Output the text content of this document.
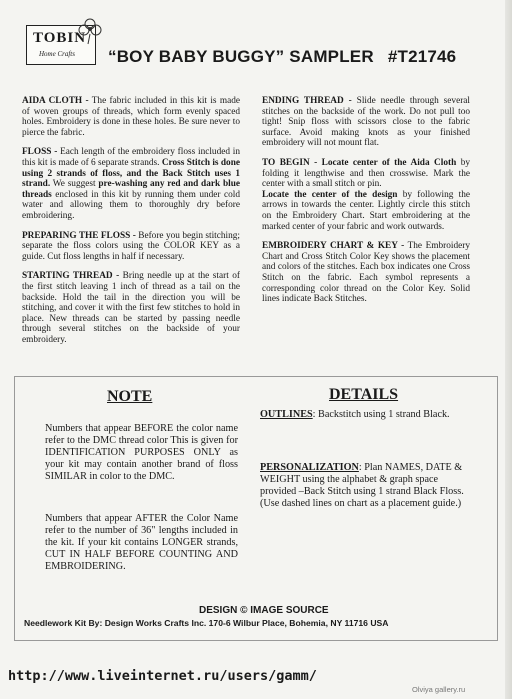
TOBIN
Home Crafts “BOY BABY BUGGY” SAMPLER #T21746

AIDA CLOTH - The fabric included in this kit is made of woven groups of threads, which form evenly spaced holes. Embroidery is done in these holes. Be sure never to pierce the fabric.

FLOSS - Each length of the embroidery floss included in this kit is made of 6 separate strands. Cross Stitch is done using 2 strands of floss, and the Back Stitch uses 1 strand. We suggest pre-washing any red and dark blue threads enclosed in this kit by running them under cold water and allowing them to thoroughly dry before embroidering.

PREPARING THE FLOSS - Before you begin stitching; separate the floss colors using the COLOR KEY as a guide. Cut floss lengths in half if necessary.

STARTING THREAD - Bring needle up at the start of the first stitch leaving 1 inch of thread as a tail on the backside. Hold the tail in the direction you will be stitching, and cover it with the first few stitches to hold in place. New threads can be started by passing needle through several stitches on the backside of your embroidery.

ENDING THREAD - Slide needle through several stitches on the backside of the work. Do not pull too tight! Snip floss with scissors close to the fabric surface. Avoid making knots as your finished embroidery will not mount flat.

TO BEGIN - Locate center of the Aida Cloth by folding it lengthwise and then crosswise. Mark the center with a small stitch or pin.

Locate the center of the design by following the arrows in towards the center. Lightly circle this stitch on the Embroidery Chart. Start embroidering at the marked center of your fabric and work outwards.

EMBROIDERY CHART & KEY - The Embroidery Chart and Cross Stitch Color Key shows the placement and colors of the stitches. Each box indicates one Cross Stitch on the fabric. Each symbol represents a corresponding color thread on the Color Key. Solid lines indicate Back Stitches.

NOTE	DETAILS

Numbers that appear BEFORE the color name refer to the DMC thread color This is given for IDENTIFICATION PURPOSES ONLY as your kit may contain another brand of floss SIMILAR in color to the DMC.

Numbers that appear AFTER the Color Name refer to the number of 36" lengths included in the kit. If your kit contains LONGER strands, CUT IN HALF BEFORE COUNTING AND EMBROIDERING.

OUTLINES: Backstitch using 1 strand Black.

PERSONALIZATION: Plan NAMES, DATE & WEIGHT using the alphabet & graph space provided –Back Stitch using 1 strand Black Floss. (Use dashed lines on chart as a placement guide.)

DESIGN © IMAGE SOURCE
Needlework Kit By: Design Works Crafts Inc. 170-6 Wilbur Place, Bohemia, NY 11716 USA
http://www.liveinternet.ru/users/gamm/
Olviya gallery.ru
